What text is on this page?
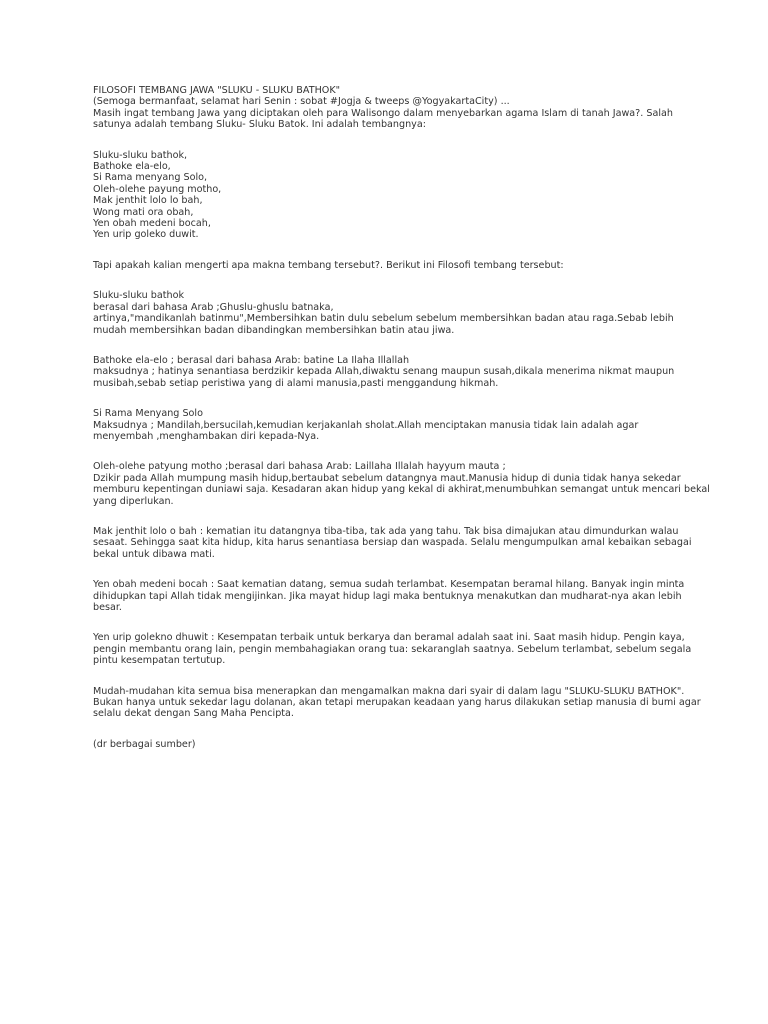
FILOSOFI TEMBANG JAWA "SLUKU - SLUKU BATHOK"
(Semoga bermanfaat, selamat hari Senin : sobat #Jogja & tweeps @YogyakartaCity) ...
Masih ingat tembang Jawa yang diciptakan oleh para Walisongo dalam menyebarkan agama Islam di tanah Jawa?. Salah
satunya adalah tembang Sluku- Sluku Batok. Ini adalah tembangnya:
Sluku-sluku bathok,
Bathoke ela-elo,
Si Rama menyang Solo,
Oleh-olehe payung motho,
Mak jenthit lolo lo bah,
Wong mati ora obah,
Yen obah medeni bocah,
Yen urip goleko duwit.
Tapi apakah kalian mengerti apa makna tembang tersebut?. Berikut ini Filosofi tembang tersebut:
Sluku-sluku bathok
berasal dari bahasa Arab ;Ghuslu-ghuslu batnaka,
artinya,"mandikanlah batinmu",Membersihkan batin dulu sebelum sebelum membersihkan badan atau raga.Sebab lebih
mudah membersihkan badan dibandingkan membersihkan batin atau jiwa.
Bathoke ela-elo ; berasal dari bahasa Arab: batine La Ilaha Illallah
maksudnya ; hatinya senantiasa berdzikir kepada Allah,diwaktu senang maupun susah,dikala menerima nikmat maupun
musibah,sebab setiap peristiwa yang di alami manusia,pasti menggandung hikmah.
Si Rama Menyang Solo
Maksudnya ; Mandilah,bersucilah,kemudian kerjakanlah sholat.Allah menciptakan manusia tidak lain adalah agar
menyembah ,menghambakan diri kepada-Nya.
Oleh-olehe patyung motho ;berasal dari bahasa Arab: Laillaha Illalah hayyum mauta ;
Dzikir pada Allah mumpung masih hidup,bertaubat sebelum datangnya maut.Manusia hidup di dunia tidak hanya sekedar
memburu kepentingan duniawi saja. Kesadaran akan hidup yang kekal di akhirat,menumbuhkan semangat untuk mencari bekal
yang diperlukan.
Mak jenthit lolo o bah : kematian itu datangnya tiba-tiba, tak ada yang tahu. Tak bisa dimajukan atau dimundurkan walau
sesaat. Sehingga saat kita hidup, kita harus senantiasa bersiap dan waspada. Selalu mengumpulkan amal kebaikan sebagai
bekal untuk dibawa mati.
Yen obah medeni bocah : Saat kematian datang, semua sudah terlambat. Kesempatan beramal hilang. Banyak ingin minta
dihidupkan tapi Allah tidak mengijinkan. Jika mayat hidup lagi maka bentuknya menakutkan dan mudharat-nya akan lebih
besar.
Yen urip golekno dhuwit : Kesempatan terbaik untuk berkarya dan beramal adalah saat ini. Saat masih hidup. Pengin kaya,
pengin membantu orang lain, pengin membahagiakan orang tua: sekaranglah saatnya. Sebelum terlambat, sebelum segala
pintu kesempatan tertutup.
Mudah-mudahan kita semua bisa menerapkan dan mengamalkan makna dari syair di dalam lagu "SLUKU-SLUKU BATHOK".
Bukan hanya untuk sekedar lagu dolanan, akan tetapi merupakan keadaan yang harus dilakukan setiap manusia di bumi agar
selalu dekat dengan Sang Maha Pencipta.
(dr berbagai sumber)
